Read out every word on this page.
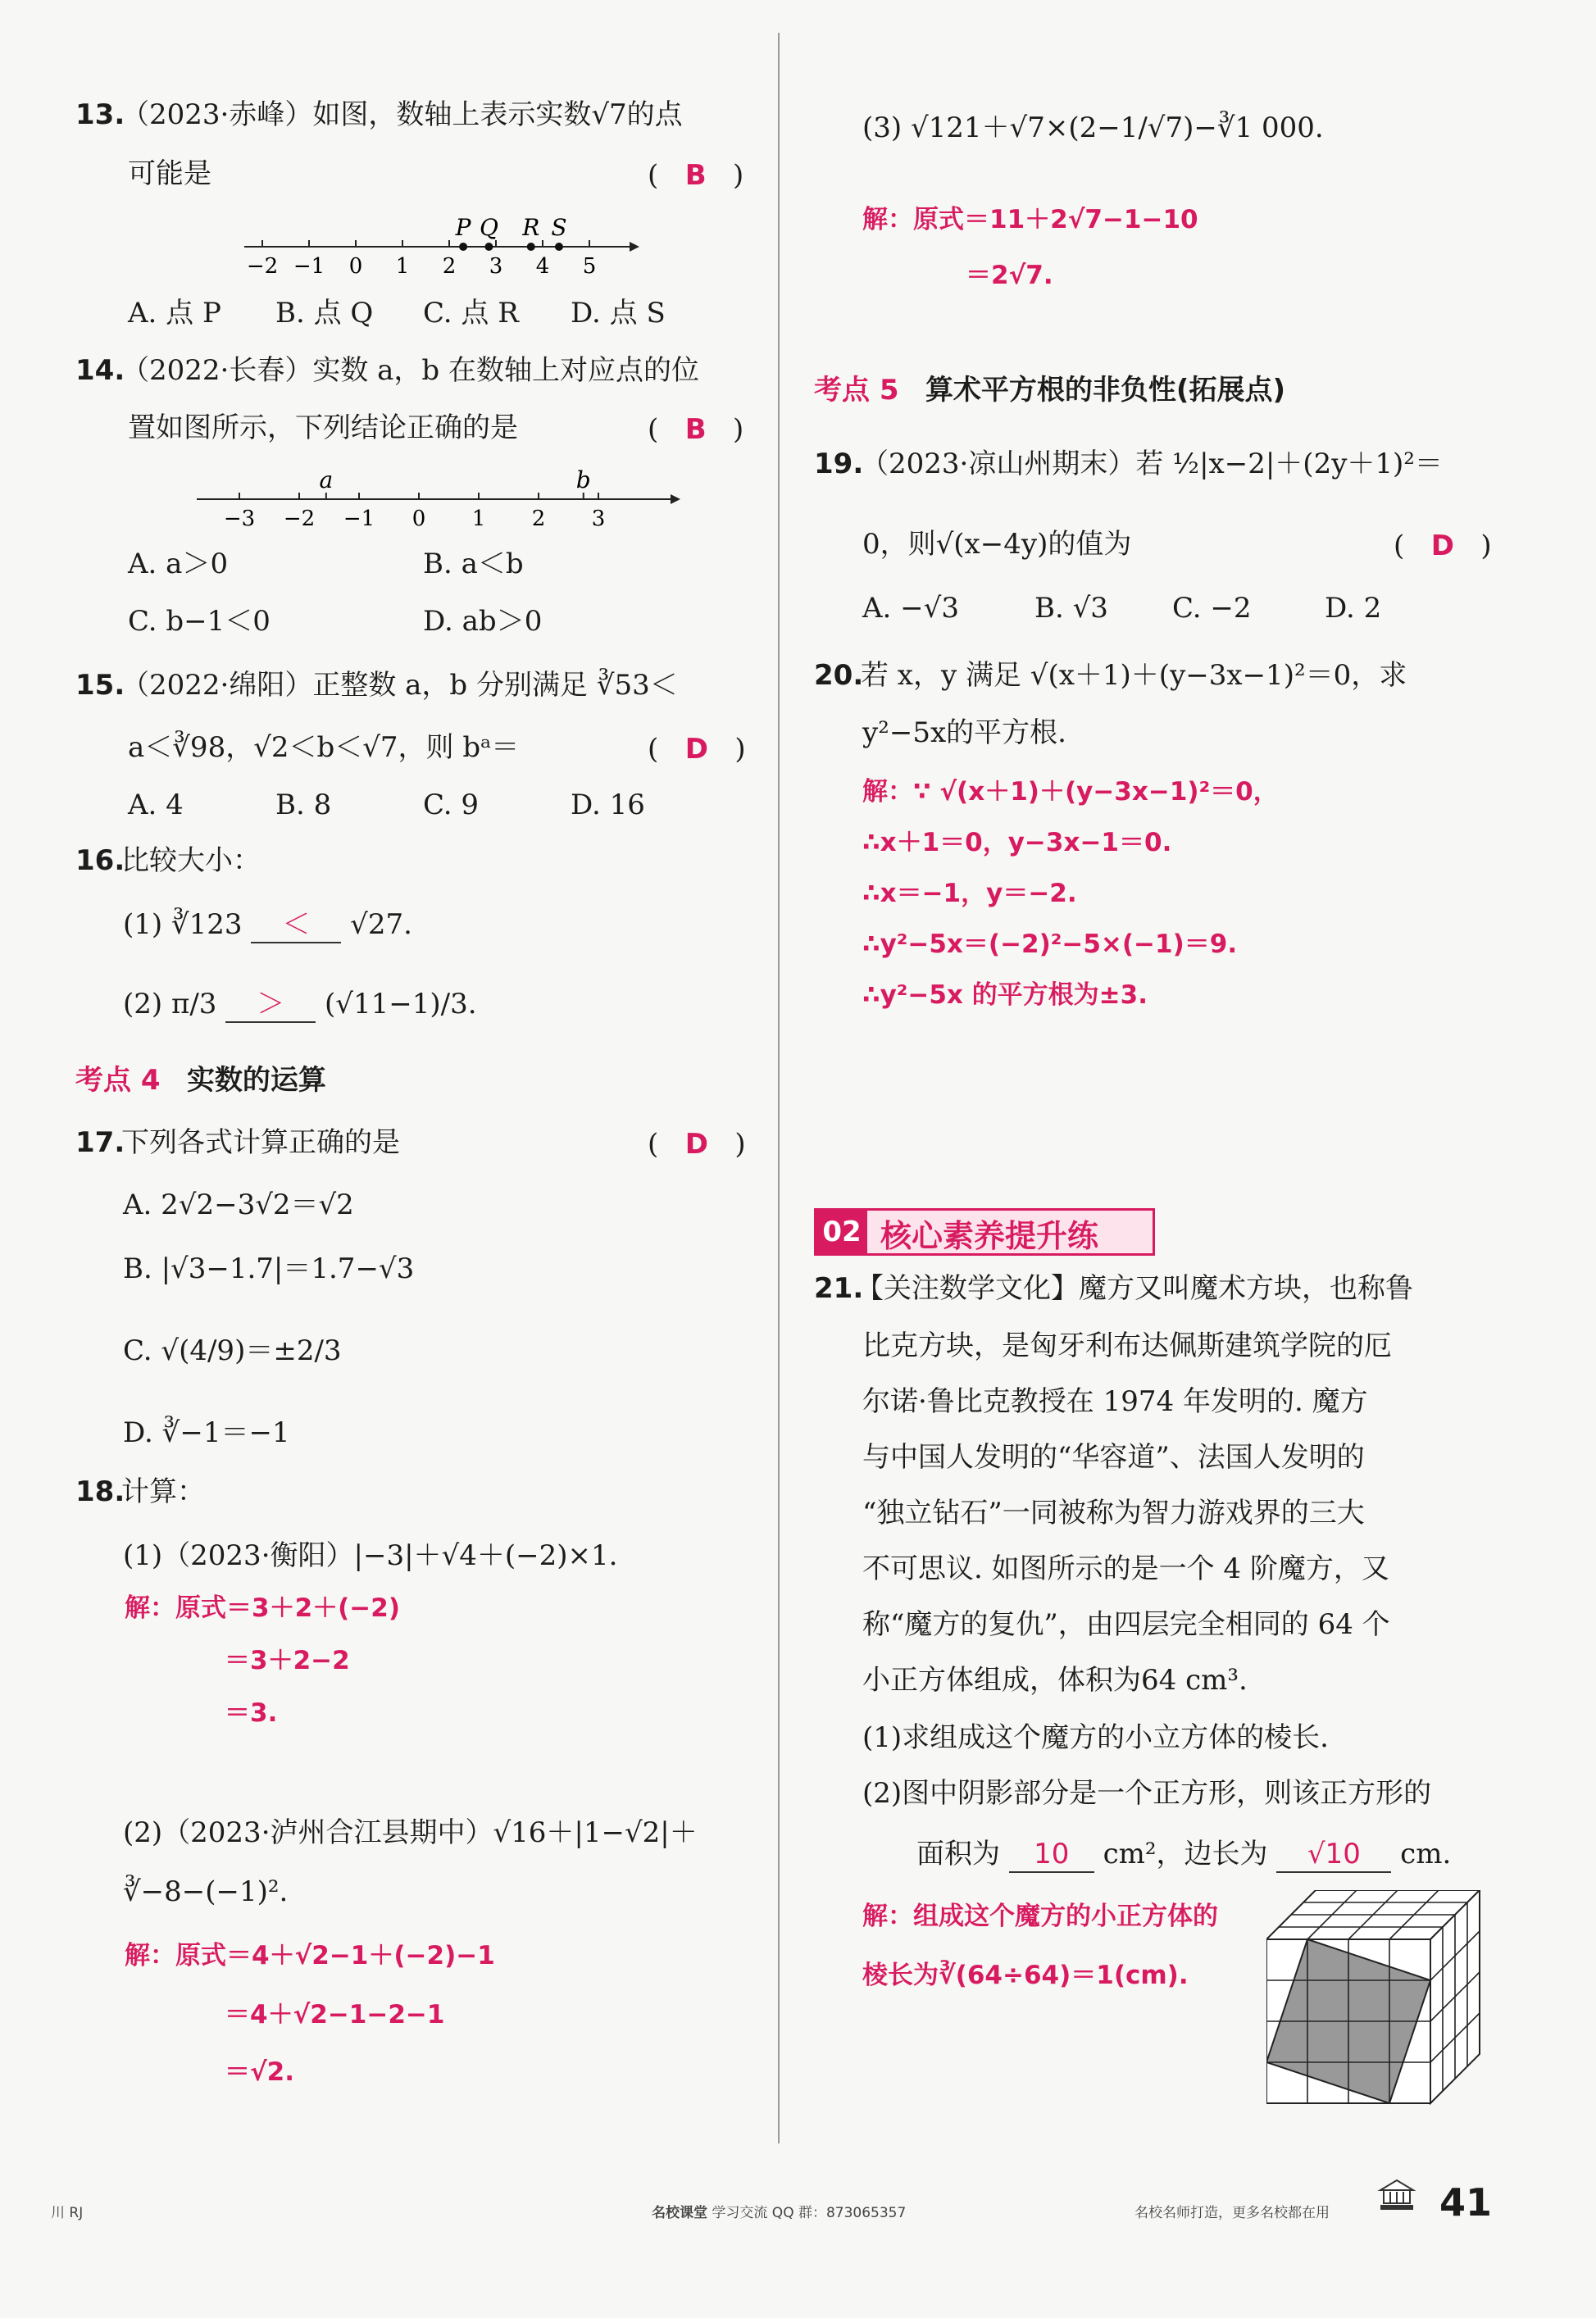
13.
（2023·赤峰）如图，数轴上表示实数√7的点
可能是	(   B   )
−2 −1 0 1 2 3 4 5
P Q R S
A. 点 P B. 点 Q C. 点 R D. 点 S
14.
（2022·长春）实数 a，b 在数轴上对应点的位
置如图所示，下列结论正确的是	(   B   )
−3 −2 −1 0 1 2 3
a	b
A. a＞0	B. a＜b
C. b−1＜0	D. ab＞0
15.
（2022·绵阳）正整数 a，b 分别满足 ∛53＜
a＜∛98，√2＜b＜√7，则 bᵃ＝	(   D   )
A. 4	B. 8	C. 9	D. 16
16.
比较大小：
(1) ∛123 ＜ √27.
(2) π/3 ＞ (√11−1)/3.
考点 4 实数的运算
17.
下列各式计算正确的是	(   D   )
A. 2√2−3√2＝√2
B. |√3−1.7|＝1.7−√3
C. √(4/9)＝±2/3
D. ∛−1＝−1
18.
计算：
(1)（2023·衡阳）|−3|＋√4＋(−2)×1.
解：原式＝3＋2＋(−2)
＝3＋2−2
＝3.
(2)（2023·泸州合江县期中）√16＋|1−√2|＋
∛−8−(−1)².
解：原式＝4＋√2−1＋(−2)−1
＝4＋√2−1−2−1
＝√2.
(3) √121＋√7×(2−1/√7)−∛1 000.
解：原式＝11＋2√7−1−10
＝2√7.
考点 5 算术平方根的非负性(拓展点)
19.
（2023·凉山州期末）若 ½|x−2|＋(2y＋1)²＝
0，则√(x−4y)的值为	(   D   )
A. −√3	B. √3 C. −2	D. 2
20.
若 x，y 满足 √(x＋1)＋(y−3x−1)²＝0，求
y²−5x的平方根.
解：∵ √(x＋1)＋(y−3x−1)²＝0，
∴x＋1＝0，y−3x−1＝0.
∴x＝−1，y＝−2.
∴y²−5x＝(−2)²−5×(−1)＝9.
∴y²−5x 的平方根为±3.
02 核心素养提升练
21.
【关注数学文化】魔方又叫魔术方块，也称鲁
比克方块，是匈牙利布达佩斯建筑学院的厄
尔诺·鲁比克教授在 1974 年发明的. 魔方
与中国人发明的“华容道”、法国人发明的
“独立钻石”一同被称为智力游戏界的三大
不可思议. 如图所示的是一个 4 阶魔方，又
称“魔方的复仇”，由四层完全相同的 64 个
小正方体组成，体积为64 cm³.
(1)求组成这个魔方的小立方体的棱长.
(2)图中阴影部分是一个正方形，则该正方形的
面积为 10 cm²，边长为 √10 cm.
解：组成这个魔方的小正方体的
棱长为∛(64÷64)＝1(cm).
川 RJ	名校课堂 学习交流 QQ 群：873065357	名校名师打造，更多名校都在用	41
